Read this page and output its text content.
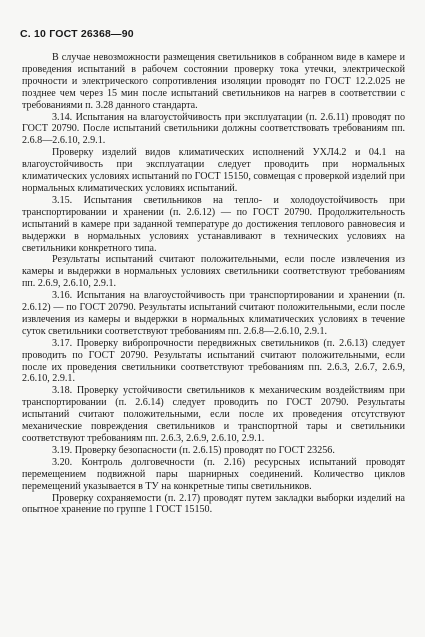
С. 10 ГОСТ 26368—90

В случае невозможности размещения светильников в собранном виде в камере и проведения испытаний в рабочем состоянии проверку тока утечки, электрической прочности и электрического сопротивления изоляции проводят по ГОСТ 12.2.025 не позднее чем через 15 мин после испытаний светильников на нагрев в соответствии с требованиями п. 3.28 данного стандарта.

3.14. Испытания на влагоустойчивость при эксплуатации (п. 2.6.11) проводят по ГОСТ 20790. После испытаний светильники должны соответствовать требованиям пп. 2.6.8—2.6.10, 2.9.1.

Проверку изделий видов климатических исполнений УХЛ4.2 и 04.1 на влагоустойчивость при эксплуатации следует проводить при нормальных климатических условиях испытаний по ГОСТ 15150, совмещая с проверкой изделий при нормальных климатических условиях испытаний.

3.15. Испытания светильников на тепло- и холодоустойчивость при транспортировании и хранении (п. 2.6.12) — по ГОСТ 20790. Продолжительность испытаний в камере при заданной температуре до достижения теплового равновесия и выдержки в нормальных условиях устанавливают в технических условиях на светильники конкретного типа.

Результаты испытаний считают положительными, если после извлечения из камеры и выдержки в нормальных условиях светильники соответствуют требованиям пп. 2.6.9, 2.6.10, 2.9.1.

3.16. Испытания на влагоустойчивость при транспортировании и хранении (п. 2.6.12) — по ГОСТ 20790. Результаты испытаний считают положительными, если после извлечения из камеры и выдержки в нормальных климатических условиях в течение суток светильники соответствуют требованиям пп. 2.6.8—2.6.10, 2.9.1.

3.17. Проверку вибропрочности передвижных светильников (п. 2.6.13) следует проводить по ГОСТ 20790. Результаты испытаний считают положительными, если после их проведения светильники соответствуют требованиям пп. 2.6.3, 2.6.7, 2.6.9, 2.6.10, 2.9.1.

3.18. Проверку устойчивости светильников к механическим воздействиям при транспортировании (п. 2.6.14) следует проводить по ГОСТ 20790. Результаты испытаний считают положительными, если после их проведения отсутствуют механические повреждения светильников и транспортной тары и светильники соответствуют требованиям пп. 2.6.3, 2.6.9, 2.6.10, 2.9.1.

3.19. Проверку безопасности (п. 2.6.15) проводят по ГОСТ 23256.

3.20. Контроль долговечности (п. 2.16) ресурсных испытаний проводят перемещением подвижной пары шарнирных соединений. Количество циклов перемещений указывается в ТУ на конкретные типы светильников.

Проверку сохраняемости (п. 2.17) проводят путем закладки выборки изделий на опытное хранение по группе 1 ГОСТ 15150.
